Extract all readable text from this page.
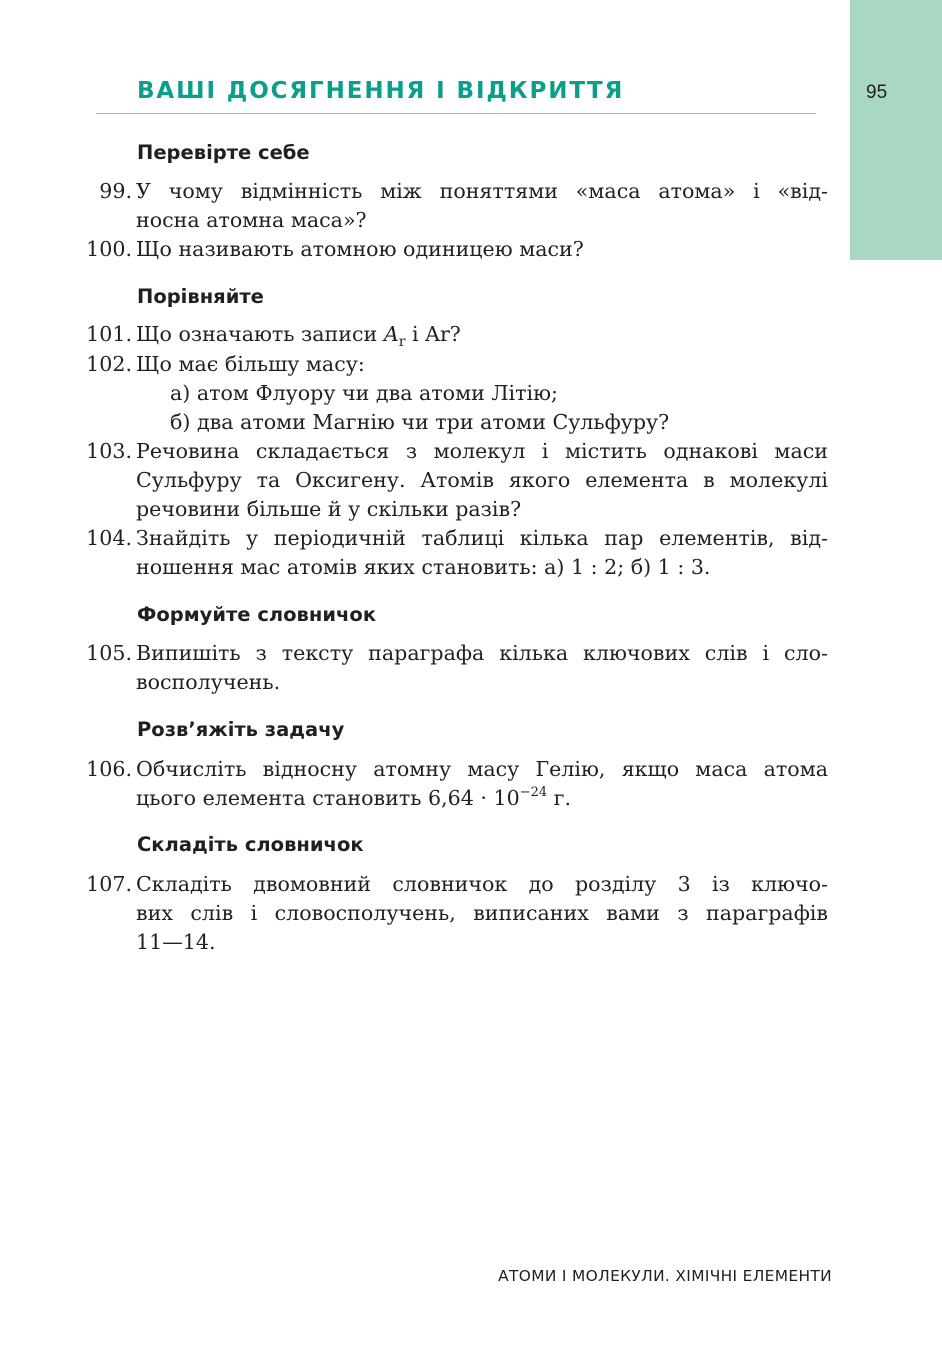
95
ВАШІ ДОСЯГНЕННЯ І ВІДКРИТТЯ
Перевірте себе
99. У чому відмінність між поняттями «маса атома» і «від-
носна атомна маса»?
100. Що називають атомною одиницею маси?
Порівняйте
101. Що означають записи $A_r$ і Ar?
102. Що має більшу масу:
а) атом Флуору чи два атоми Літію;
б) два атоми Магнію чи три атоми Сульфуру?
103. Речовина складається з молекул і містить однакові маси
Сульфуру та Оксигену. Атомів якого елемента в молекулі
речовини більше й у скільки разів?
104. Знайдіть у періодичній таблиці кілька пар елементів, від-
ношення мас атомів яких становить: а) 1 : 2; б) 1 : 3.
Формуйте словничок
105. Випишіть з тексту параграфа кілька ключових слів і сло-
восполучень.
Розв’яжіть задачу
106. Обчисліть відносну атомну масу Гелію, якщо маса атома
цього елемента становить $6,64 \cdot 10^{-24}$ г.
Складіть словничок
107. Складіть двомовний словничок до розділу 3 із ключо-
вих слів і словосполучень, виписаних вами з параграфів
11—14.
АТОМИ І МОЛЕКУЛИ. ХІМІЧНІ ЕЛЕМЕНТИ
